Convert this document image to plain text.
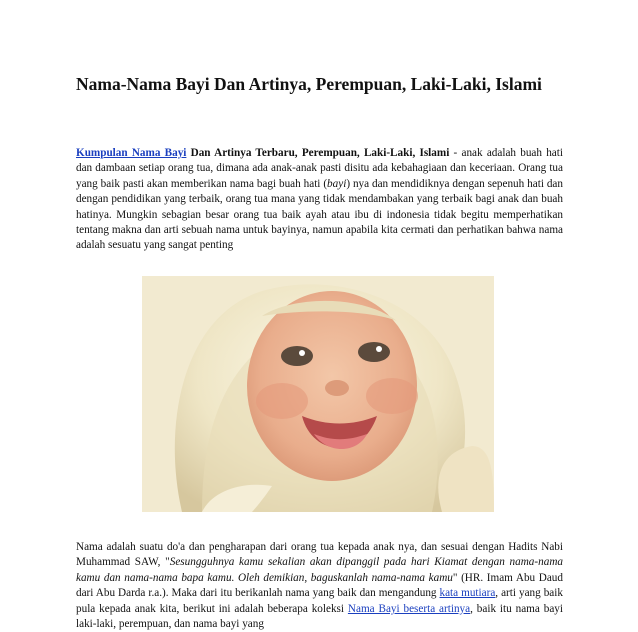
Nama-Nama Bayi Dan Artinya, Perempuan, Laki-Laki, Islami

Kumpulan Nama Bayi Dan Artinya Terbaru, Perempuan, Laki-Laki, Islami - anak adalah buah hati dan dambaan setiap orang tua, dimana ada anak-anak pasti disitu ada kebahagiaan dan keceriaan. Orang tua yang baik pasti akan memberikan nama bagi buah hati (bayi) nya dan mendidiknya dengan sepenuh hati dan dengan pendidikan yang terbaik, orang tua mana yang tidak mendambakan yang terbaik bagi anak dan buah hatinya. Mungkin sebagian besar orang tua baik ayah atau ibu di indonesia tidak begitu memperhatikan tentang makna dan arti sebuah nama untuk bayinya, namun apabila kita cermati dan perhatikan bahwa nama adalah sesuatu yang sangat penting

Nama adalah suatu do'a dan pengharapan dari orang tua kepada anak nya, dan sesuai dengan Hadits Nabi Muhammad SAW, "Sesungguhnya kamu sekalian akan dipanggil pada hari Kiamat dengan nama-nama kamu dan nama-nama bapa kamu. Oleh demikian, baguskanlah nama-nama kamu" (HR. Imam Abu Daud dari Abu Darda r.a.). Maka dari itu berikanlah nama yang baik dan mengandung kata mutiara, arti yang baik pula kepada anak kita, berikut ini adalah beberapa koleksi Nama Bayi beserta artinya, baik itu nama bayi laki-laki, perempuan, dan nama bayi yang
